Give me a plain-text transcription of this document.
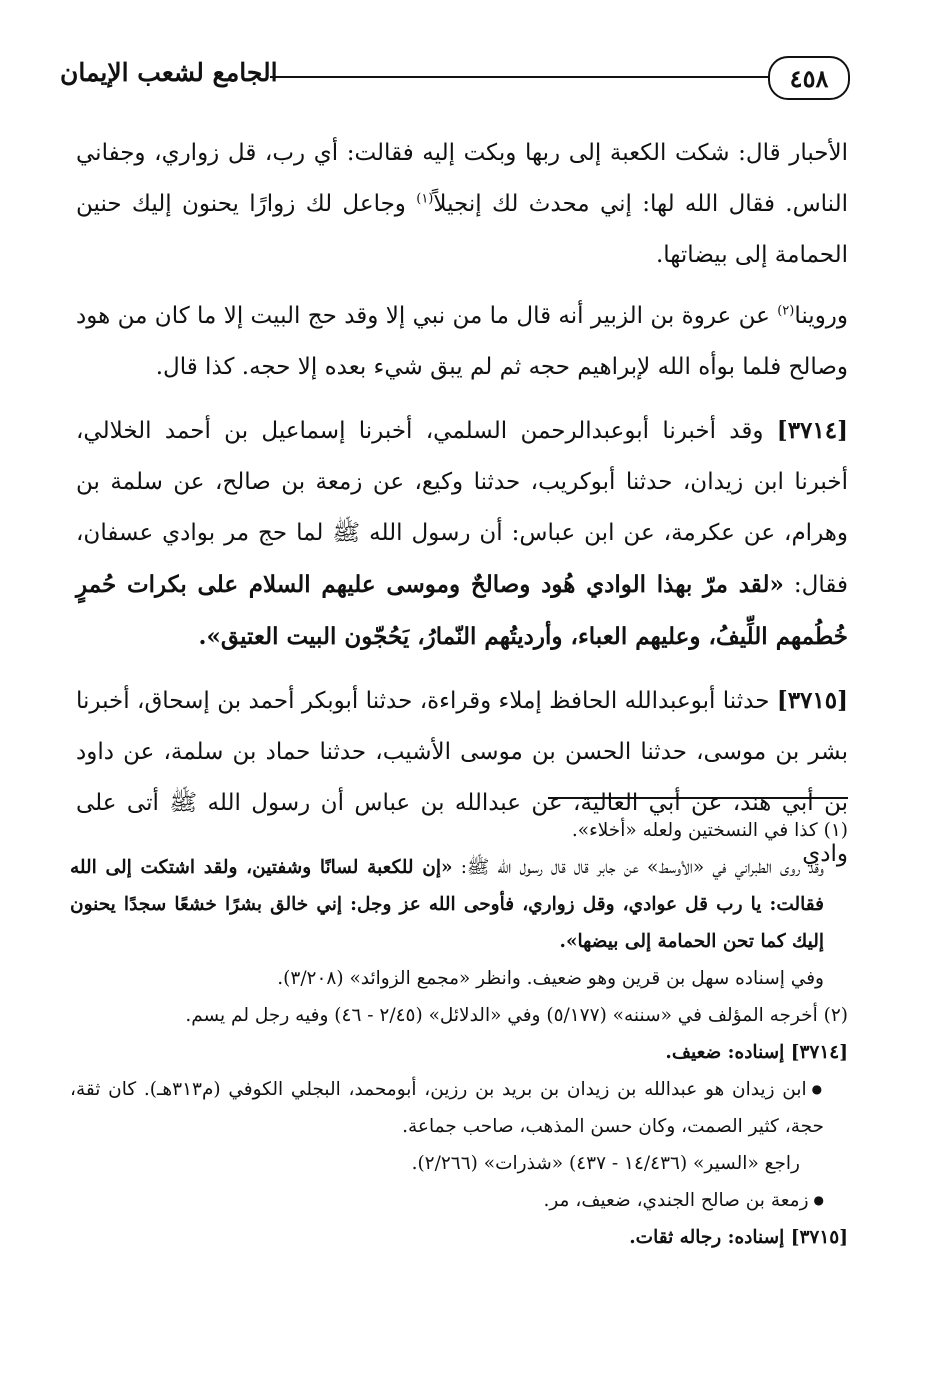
٤٥٨
الجامع لشعب الإيمان

الأحبار قال: شكت الكعبة إلى ربها وبكت إليه فقالت: أي رب، قل زواري، وجفاني الناس. فقال الله لها: إني محدث لك إنجيلاً$^{(١)}$ وجاعل لك زوارًا يحنون إليك حنين الحمامة إلى بيضاتها.

وروينا$^{(٢)}$ عن عروة بن الزبير أنه قال ما من نبي إلا وقد حج البيت إلا ما كان من هود وصالح فلما بوأه الله لإبراهيم حجه ثم لم يبق شيء بعده إلا حجه. كذا قال.

[٣٧١٤] وقد أخبرنا أبوعبدالرحمن السلمي، أخبرنا إسماعيل بن أحمد الخلالي، أخبرنا ابن زيدان، حدثنا أبوكريب، حدثنا وكيع، عن زمعة بن صالح، عن سلمة بن وهرام، عن عكرمة، عن ابن عباس: أن رسول الله ﷺ لما حج مر بوادي عسفان، فقال: «لقد مرّ بهذا الوادي هُود وصالحٌ وموسى عليهم السلام على بكرات حُمرٍ خُطُمهم اللِّيفُ، وعليهم العباء، وأرديتُهم النّمارُ، يَحُجّون البيت العتيق».

[٣٧١٥] حدثنا أبوعبدالله الحافظ إملاء وقراءة، حدثنا أبوبكر أحمد بن إسحاق، أخبرنا بشر بن موسى، حدثنا الحسن بن موسى الأشيب، حدثنا حماد بن سلمة، عن داود بن أبي هند، عن أبي العالية، عن عبدالله بن عباس أن رسول الله ﷺ أتى على وادي

(١) كذا في النسختين ولعله «أخلاء».

وقد روى الطبراني في «الأوسط» عن جابر قال قال رسول الله ﷺ: «إن للكعبة لسانًا وشفتين، ولقد اشتكت إلى الله فقالت: يا رب قل عوادي، وقل زواري، فأوحى الله عز وجل: إني خالق بشرًا خشعًا سجدًا يحنون إليك كما تحن الحمامة إلى بيضها».

وفي إسناده سهل بن قرين وهو ضعيف. وانظر «مجمع الزوائد» (٣/٢٠٨).

(٢) أخرجه المؤلف في «سننه» (٥/١٧٧) وفي «الدلائل» (٢/٤٥ - ٤٦) وفيه رجل لم يسم.

[٣٧١٤] إسناده: ضعيف.

● ابن زيدان هو عبدالله بن زيدان بن بريد بن رزين، أبومحمد، البجلي الكوفي (م٣١٣هـ). كان ثقة، حجة، كثير الصمت، وكان حسن المذهب، صاحب جماعة.

راجع «السير» (١٤/٤٣٦ - ٤٣٧) «شذرات» (٢/٢٦٦).

● زمعة بن صالح الجندي، ضعيف، مر.

[٣٧١٥] إسناده: رجاله ثقات.
